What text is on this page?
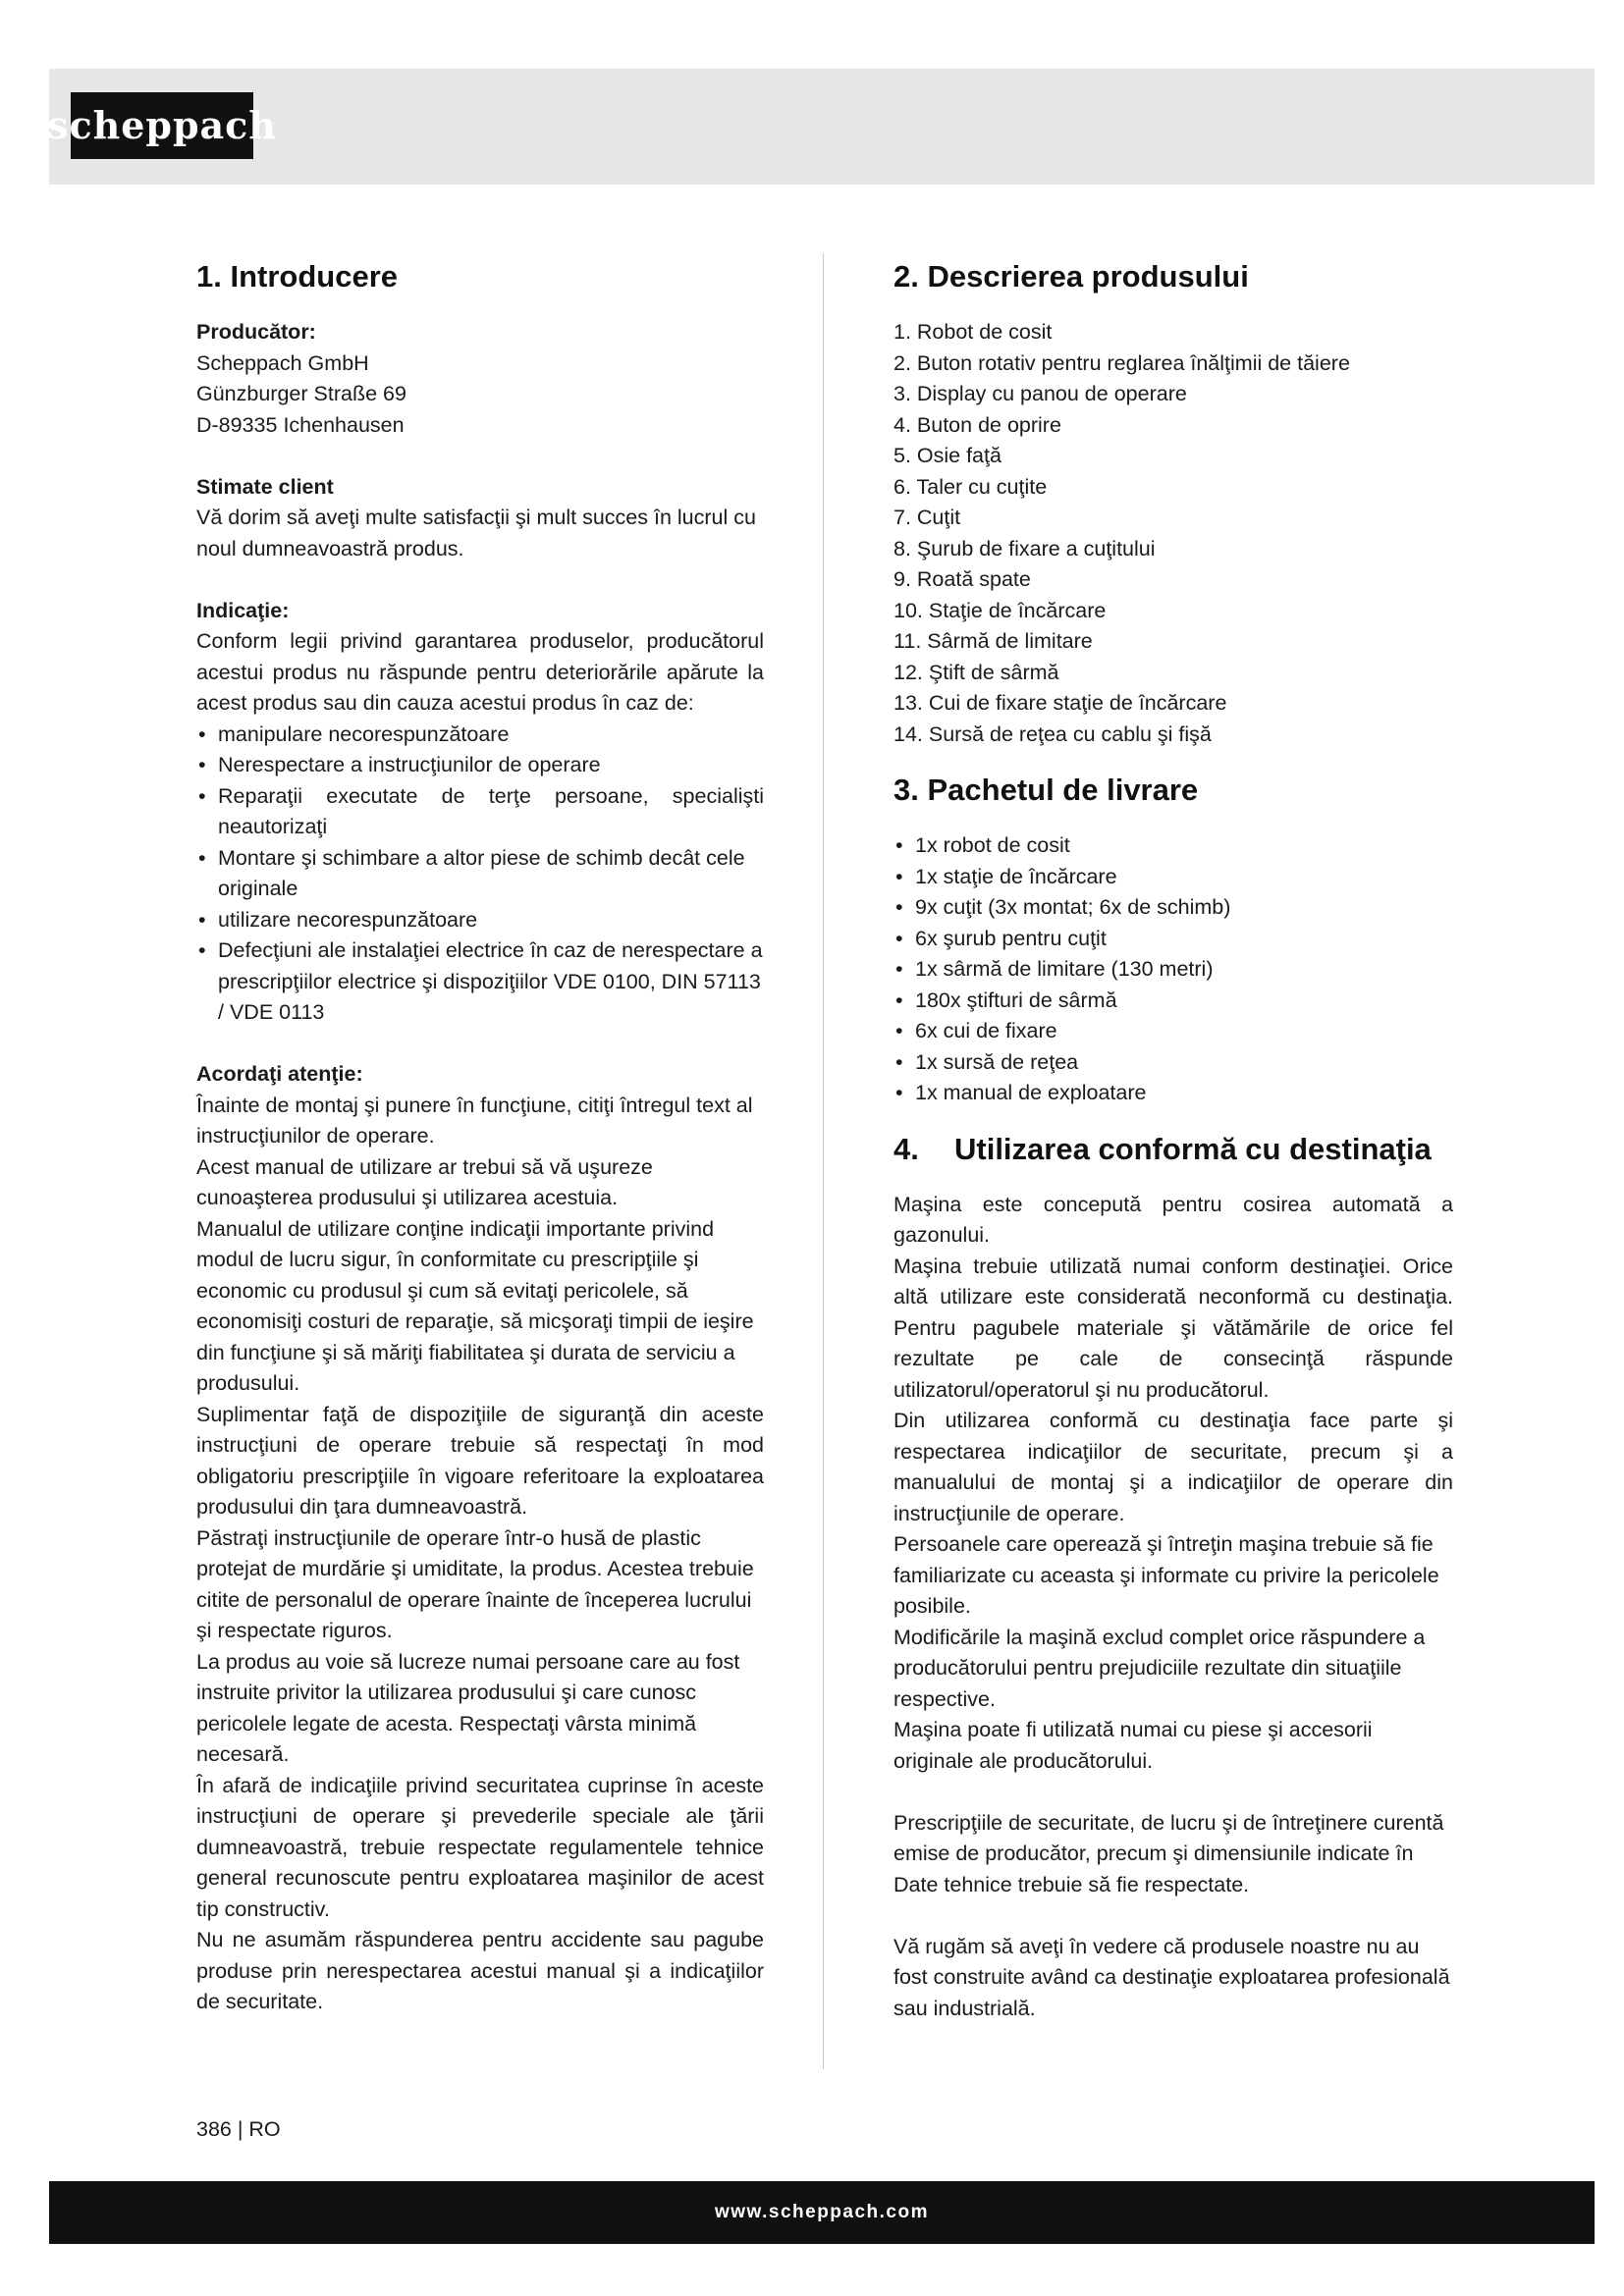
scheppach
1. Introducere
Producător:
Scheppach GmbH
Günzburger Straße 69
D-89335 Ichenhausen
Stimate client
Vă dorim să aveţi multe satisfacţii şi mult succes în lucrul cu noul dumneavoastră produs.
Indicaţie:
Conform legii privind garantarea produselor, producătorul acestui produs nu răspunde pentru deteriorările apărute la acest produs sau din cauza acestui produs în caz de:
• manipulare necorespunzătoare
• Nerespectare a instrucţiunilor de operare
• Reparaţii executate de terţe persoane, specialişti neautorizaţi
• Montare şi schimbare a altor piese de schimb decât cele originale
• utilizare necorespunzătoare
• Defecţiuni ale instalaţiei electrice în caz de nerespectare a prescripţiilor electrice şi dispoziţiilor VDE 0100, DIN 57113 / VDE 0113
Acordaţi atenţie:
Înainte de montaj şi punere în funcţiune, citiţi întregul text al instrucţiunilor de operare.
Acest manual de utilizare ar trebui să vă uşureze cunoaşterea produsului şi utilizarea acestuia.
Manualul de utilizare conţine indicaţii importante privind modul de lucru sigur, în conformitate cu prescripţiile şi economic cu produsul şi cum să evitaţi pericolele, să economisiţi costuri de reparaţie, să micşoraţi timpii de ieşire din funcţiune şi să măriţi fiabilitatea şi durata de serviciu a produsului.
Suplimentar faţă de dispoziţiile de siguranţă din aceste instrucţiuni de operare trebuie să respectaţi în mod obligatoriu prescripţiile în vigoare referitoare la exploatarea produsului din ţara dumneavoastră.
Păstraţi instrucţiunile de operare într-o husă de plastic protejat de murdărie şi umiditate, la produs. Acestea trebuie citite de personalul de operare înainte de începerea lucrului şi respectate riguros.
La produs au voie să lucreze numai persoane care au fost instruite privitor la utilizarea produsului şi care cunosc pericolele legate de acesta. Respectaţi vârsta minimă necesară.
În afară de indicaţiile privind securitatea cuprinse în aceste instrucţiuni de operare şi prevederile speciale ale ţării dumneavoastră, trebuie respectate regulamentele tehnice general recunoscute pentru exploatarea maşinilor de acest tip constructiv.
Nu ne asumăm răspunderea pentru accidente sau pagube produse prin nerespectarea acestui manual şi a indicaţiilor de securitate.
2. Descrierea produsului
1. Robot de cosit
2. Buton rotativ pentru reglarea înălţimii de tăiere
3. Display cu panou de operare
4. Buton de oprire
5. Osie faţă
6. Taler cu cuţite
7. Cuţit
8. Şurub de fixare a cuţitului
9. Roată spate
10. Staţie de încărcare
11. Sârmă de limitare
12. Ştift de sârmă
13. Cui de fixare staţie de încărcare
14. Sursă de reţea cu cablu şi fişă
3. Pachetul de livrare
• 1x robot de cosit
• 1x staţie de încărcare
• 9x cuţit (3x montat; 6x de schimb)
• 6x şurub pentru cuţit
• 1x sârmă de limitare (130 metri)
• 180x ştifturi de sârmă
• 6x cui de fixare
• 1x sursă de reţea
• 1x manual de exploatare
4. Utilizarea conformă cu destinaţia
Maşina este concepută pentru cosirea automată a gazonului.
Maşina trebuie utilizată numai conform destinaţiei. Orice altă utilizare este considerată neconformă cu destinaţia. Pentru pagubele materiale şi vătămările de orice fel rezultate pe cale de consecinţă răspunde utilizatorul/operatorul şi nu producătorul.
Din utilizarea conformă cu destinaţia face parte şi respectarea indicaţiilor de securitate, precum şi a manualului de montaj şi a indicaţiilor de operare din instrucţiunile de operare.
Persoanele care operează şi întreţin maşina trebuie să fie familiarizate cu aceasta şi informate cu privire la pericolele posibile.
Modificările la maşină exclud complet orice răspundere a producătorului pentru prejudiciile rezultate din situaţiile respective.
Maşina poate fi utilizată numai cu piese şi accesorii originale ale producătorului.
Prescripţiile de securitate, de lucru şi de întreţinere curentă emise de producător, precum şi dimensiunile indicate în Date tehnice trebuie să fie respectate.
Vă rugăm să aveţi în vedere că produsele noastre nu au fost construite având ca destinaţie exploatarea profesională sau industrială.
386 | RO
www.scheppach.com
